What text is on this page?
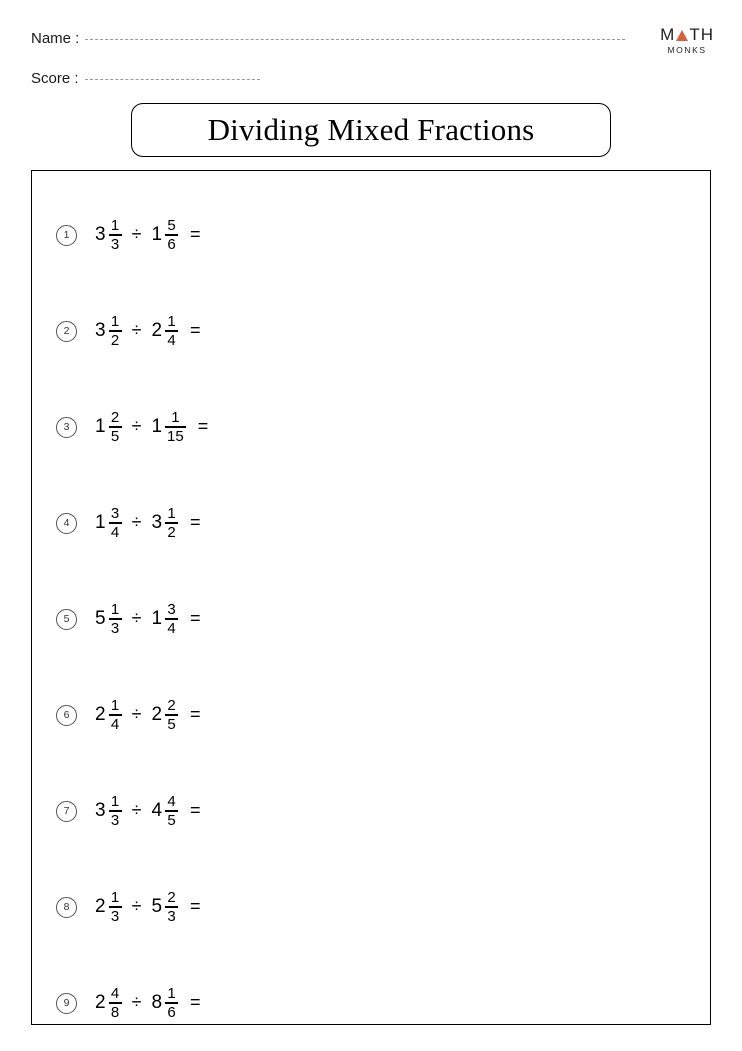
Name :
Score :
M TH
MONKS
Dividing Mixed Fractions
1	$3 \frac{1}{3} \div 1 \frac{5}{6}$ =
2	$3 \frac{1}{2} \div 2 \frac{1}{4}$ =
3	$1 \frac{2}{5} \div 1 \frac{1}{15}$ =
4	$1 \frac{3}{4} \div 3 \frac{1}{2}$ =
5	$5 \frac{1}{3} \div 1 \frac{3}{4}$ =
6	$2 \frac{1}{4} \div 2 \frac{2}{5}$ =
7	$3 \frac{1}{3} \div 4 \frac{4}{5}$ =
8	$2 \frac{1}{3} \div 5 \frac{2}{3}$ =
9	$2 \frac{4}{8} \div 8 \frac{1}{6}$ =
